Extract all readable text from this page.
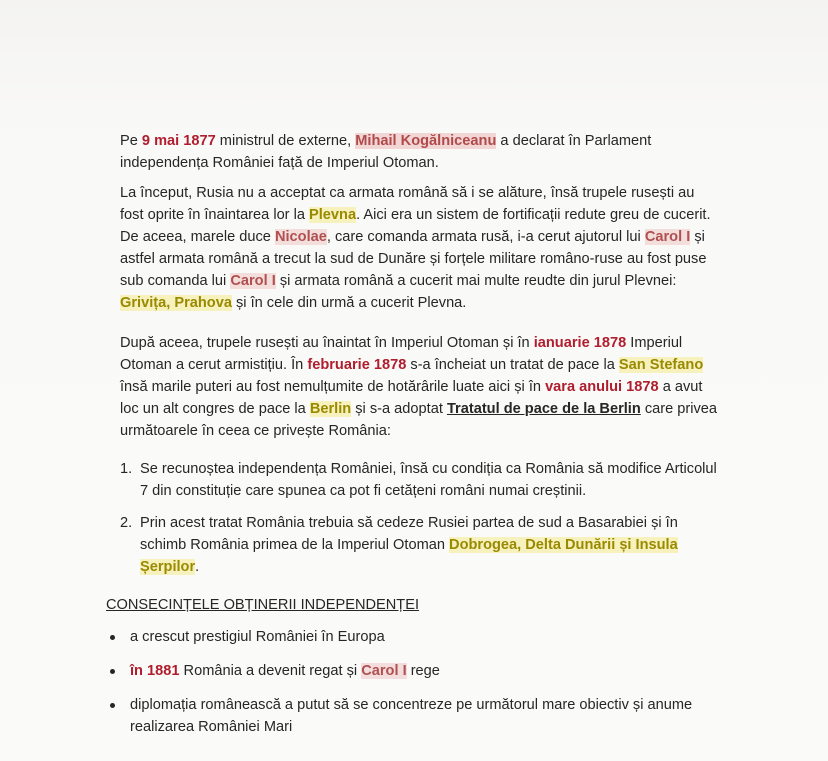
Pe 9 mai 1877 ministrul de externe, Mihail Kogălniceanu a declarat în Parlament independența României față de Imperiul Otoman.

La început, Rusia nu a acceptat ca armata română să i se alăture, însă trupele rusești au fost oprite în înaintarea lor la Plevna. Aici era un sistem de fortificații redute greu de cucerit. De aceea, marele duce Nicolae, care comanda armata rusă, i-a cerut ajutorul lui Carol I și astfel armata română a trecut la sud de Dunăre și forțele militare româno-ruse au fost puse sub comanda lui Carol I și armata română a cucerit mai multe reudte din jurul Plevnei: Grivița, Prahova și în cele din urmă a cucerit Plevna.

După aceea, trupele rusești au înaintat în Imperiul Otoman și în ianuarie 1878 Imperiul Otoman a cerut armistițiu. În februarie 1878 s-a încheiat un tratat de pace la San Stefano însă marile puteri au fost nemulțumite de hotărârile luate aici și în vara anului 1878 a avut loc un alt congres de pace la Berlin și s-a adoptat Tratatul de pace de la Berlin care privea următoarele în ceea ce privește România:

1. Se recunoștea independența României, însă cu condiția ca România să modifice Articolul 7 din constituție care spunea ca pot fi cetățeni români numai creștinii.
2. Prin acest tratat România trebuia să cedeze Rusiei partea de sud a Basarabiei și în schimb România primea de la Imperiul Otoman Dobrogea, Delta Dunării și Insula Șerpilor.
CONSECINȚELE OBȚINERII INDEPENDENȚEI
a crescut prestigiul României în Europa
în 1881 România a devenit regat și Carol I rege
diplomația românească a putut să se concentreze pe următorul mare obiectiv și anume realizarea României Mari
